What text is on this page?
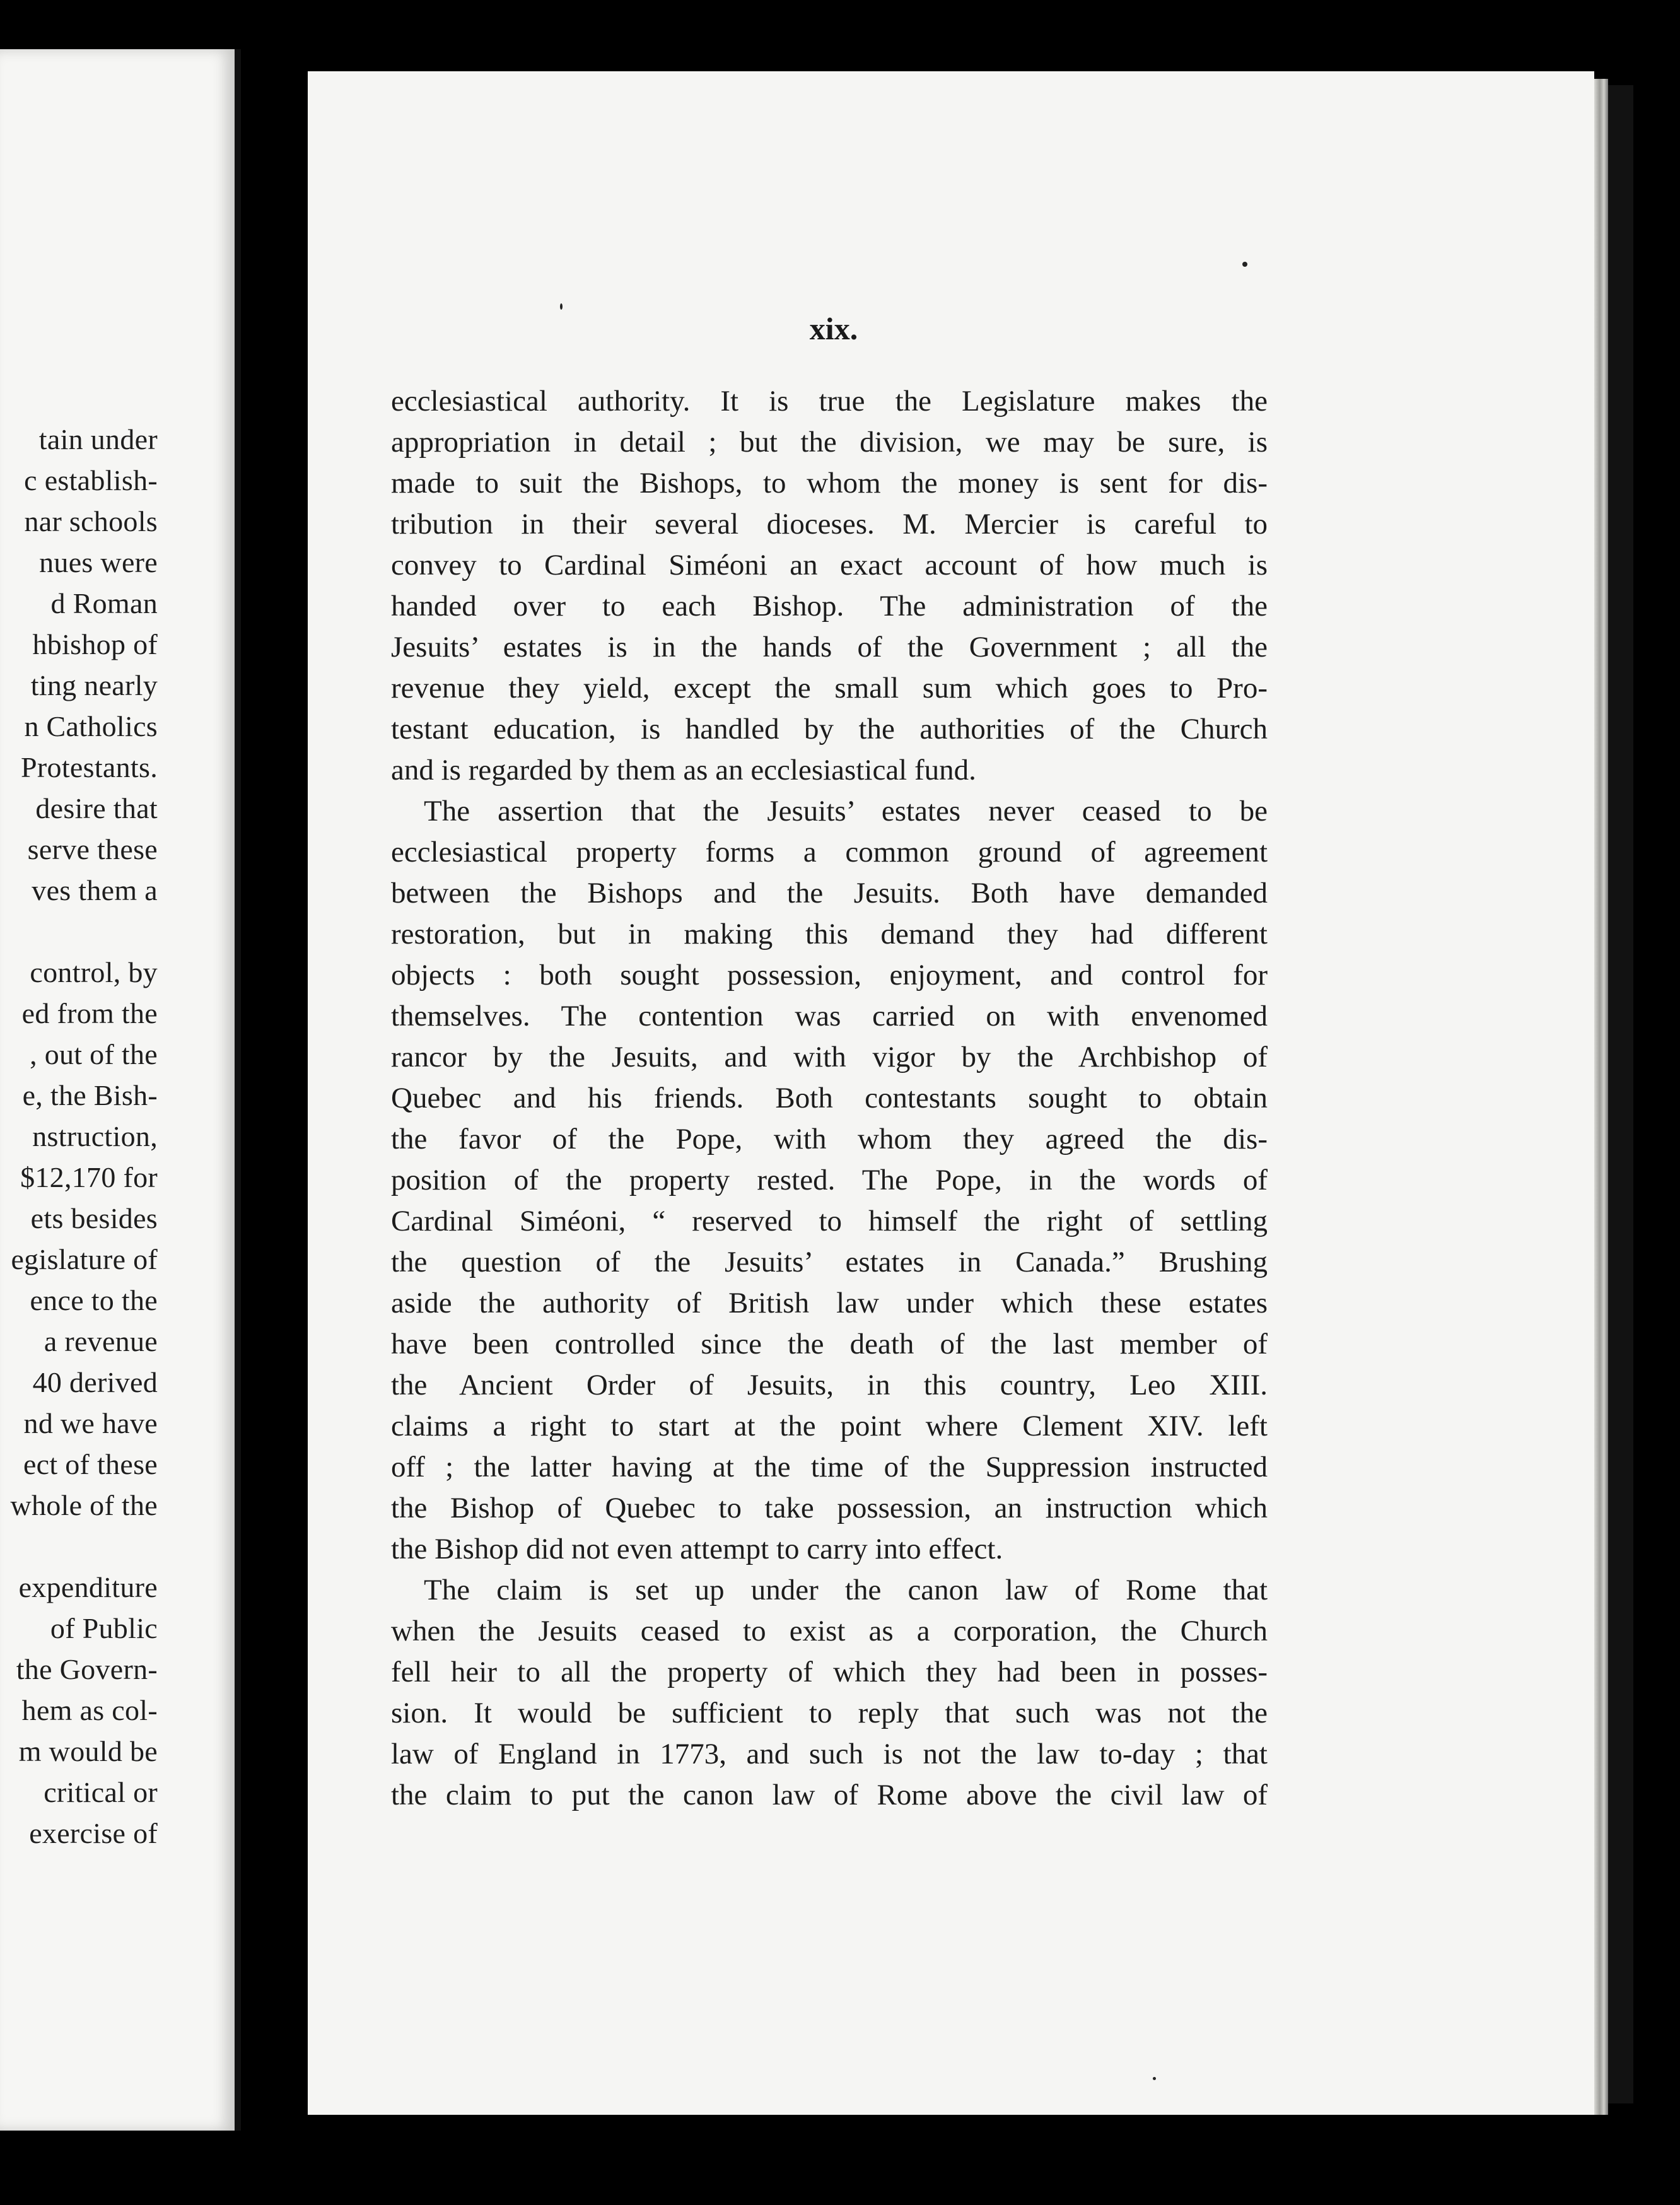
tain under
c establish-
nar schools
nues were
d Roman
hbishop of
ting nearly
n Catholics
Protestants.
desire that
serve these
ves them a
control, by
ed from the
, out of the
e, the Bish-
nstruction,
$12,170 for
ets besides
egislature of
ence to the
a revenue
40 derived
nd we have
ect of these
whole of the
expenditure
of Public
the Govern-
hem as col-
m would be
critical or
exercise of
xix.
ecclesiastical authority. It is true the Legislature makes the
appropriation in detail ; but the division, we may be sure, is
made to suit the Bishops, to whom the money is sent for dis-
tribution in their several dioceses. M. Mercier is careful to
convey to Cardinal Siméoni an exact account of how much is
handed over to each Bishop. The administration of the
Jesuits’ estates is in the hands of the Government ; all the
revenue they yield, except the small sum which goes to Pro-
testant education, is handled by the authorities of the Church
and is regarded by them as an ecclesiastical fund.
The assertion that the Jesuits’ estates never ceased to be
ecclesiastical property forms a common ground of agreement
between the Bishops and the Jesuits. Both have demanded
restoration, but in making this demand they had different
objects : both sought possession, enjoyment, and control for
themselves. The contention was carried on with envenomed
rancor by the Jesuits, and with vigor by the Archbishop of
Quebec and his friends. Both contestants sought to obtain
the favor of the Pope, with whom they agreed the dis-
position of the property rested. The Pope, in the words of
Cardinal Siméoni, “ reserved to himself the right of settling
the question of the Jesuits’ estates in Canada.” Brushing
aside the authority of British law under which these estates
have been controlled since the death of the last member of
the Ancient Order of Jesuits, in this country, Leo XIII.
claims a right to start at the point where Clement XIV. left
off ; the latter having at the time of the Suppression instructed
the Bishop of Quebec to take possession, an instruction which
the Bishop did not even attempt to carry into effect.
The claim is set up under the canon law of Rome that
when the Jesuits ceased to exist as a corporation, the Church
fell heir to all the property of which they had been in posses-
sion. It would be sufficient to reply that such was not the
law of England in 1773, and such is not the law to-day ; that
the claim to put the canon law of Rome above the civil law of
